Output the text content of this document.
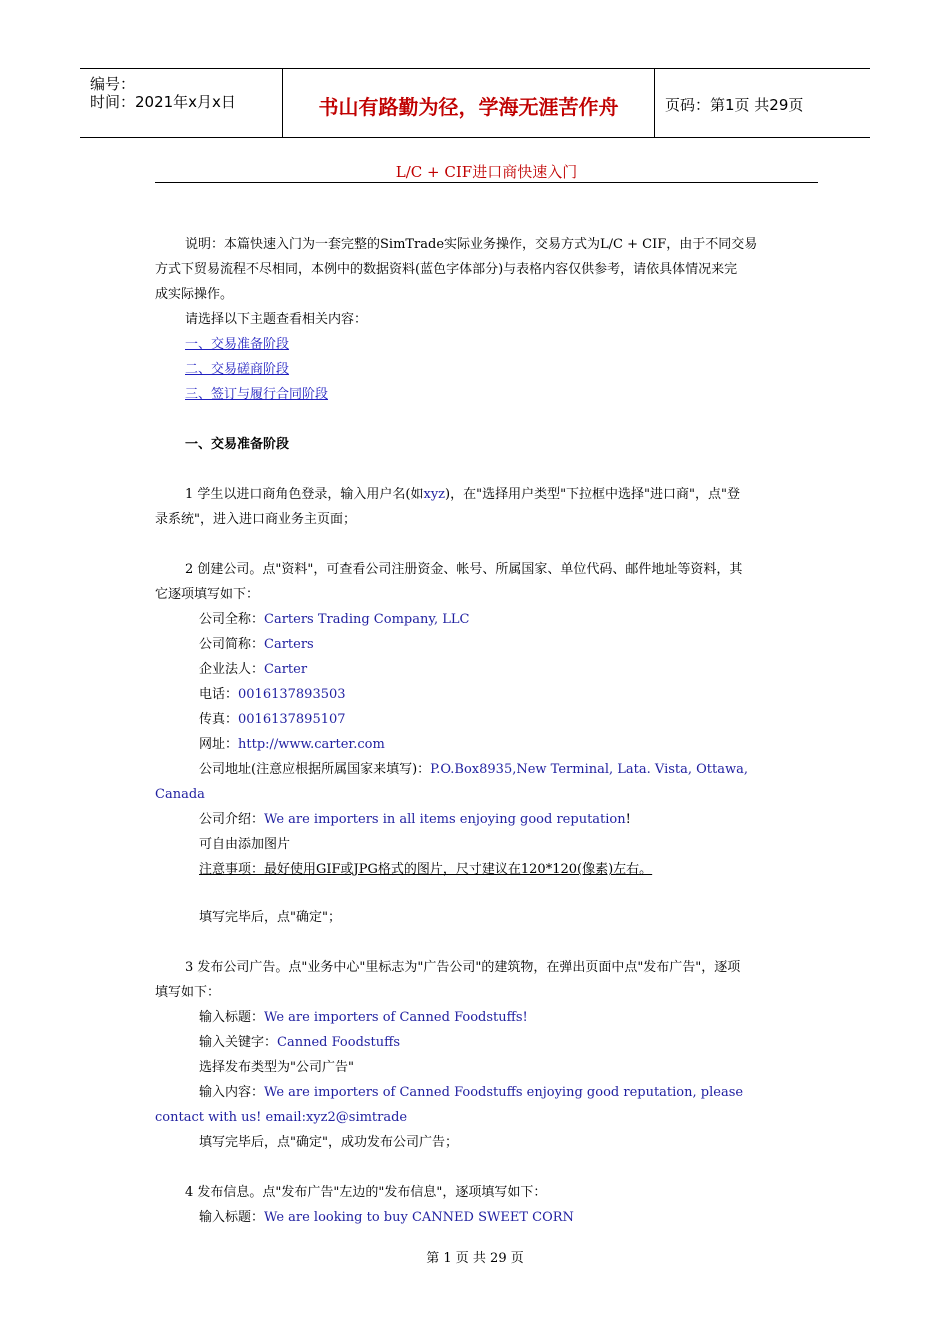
编号：
时间：2021年x月x日	书山有路勤为径，学海无涯苦作舟	页码：第1页 共29页
L/C + CIF进口商快速入门
说明：本篇快速入门为一套完整的SimTrade实际业务操作，交易方式为L/C + CIF，由于不同交易
方式下贸易流程不尽相同，本例中的数据资料(蓝色字体部分)与表格内容仅供参考，请依具体情况来完
成实际操作。
请选择以下主题查看相关内容：
一、交易准备阶段
二、交易磋商阶段
三、签订与履行合同阶段
一、交易准备阶段
1 学生以进口商角色登录，输入用户名(如xyz)，在"选择用户类型"下拉框中选择"进口商"，点"登
录系统"，进入进口商业务主页面；
2 创建公司。点"资料"，可查看公司注册资金、帐号、所属国家、单位代码、邮件地址等资料，其
它逐项填写如下：
公司全称：Carters Trading Company, LLC
公司简称：Carters
企业法人：Carter
电话：0016137893503
传真：0016137895107
网址：http://www.carter.com
公司地址(注意应根据所属国家来填写)：P.O.Box8935,New Terminal, Lata. Vista, Ottawa,
Canada
公司介绍：We are importers in all items enjoying good reputation!
可自由添加图片
注意事项：最好使用GIF或JPG格式的图片，尺寸建议在120*120(像素)左右。
填写完毕后，点"确定"；
3 发布公司广告。点"业务中心"里标志为"广告公司"的建筑物，在弹出页面中点"发布广告"，逐项
填写如下：
输入标题：We are importers of Canned Foodstuffs!
输入关键字：Canned Foodstuffs
选择发布类型为"公司广告"
输入内容：We are importers of Canned Foodstuffs enjoying good reputation, please
contact with us! email:xyz2@simtrade
填写完毕后，点"确定"，成功发布公司广告；
4 发布信息。点"发布广告"左边的"发布信息"，逐项填写如下：
输入标题：We are looking to buy CANNED SWEET CORN
第 1 页 共 29 页
